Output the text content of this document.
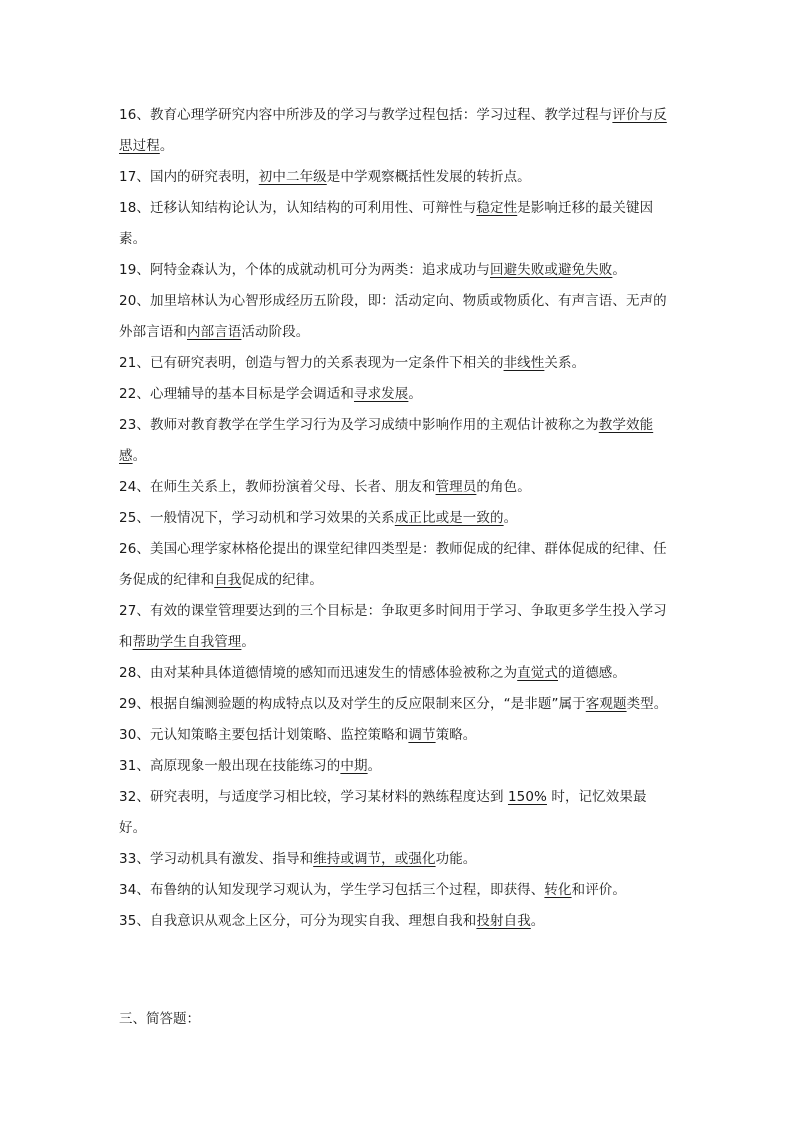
16、教育心理学研究内容中所涉及的学习与教学过程包括：学习过程、教学过程与评价与反思过程。

17、国内的研究表明，初中二年级是中学观察概括性发展的转折点。

18、迁移认知结构论认为，认知结构的可利用性、可辩性与稳定性是影响迁移的最关键因素。

19、阿特金森认为，个体的成就动机可分为两类：追求成功与回避失败或避免失败。

20、加里培林认为心智形成经历五阶段，即：活动定向、物质或物质化、有声言语、无声的外部言语和内部言语活动阶段。

21、已有研究表明，创造与智力的关系表现为一定条件下相关的非线性关系。

22、心理辅导的基本目标是学会调适和寻求发展。

23、教师对教育教学在学生学习行为及学习成绩中影响作用的主观估计被称之为教学效能感。

24、在师生关系上，教师扮演着父母、长者、朋友和管理员的角色。

25、一般情况下，学习动机和学习效果的关系成正比或是一致的。

26、美国心理学家林格伦提出的课堂纪律四类型是：教师促成的纪律、群体促成的纪律、任务促成的纪律和自我促成的纪律。

27、有效的课堂管理要达到的三个目标是：争取更多时间用于学习、争取更多学生投入学习和帮助学生自我管理。

28、由对某种具体道德情境的感知而迅速发生的情感体验被称之为直觉式的道德感。

29、根据自编测验题的构成特点以及对学生的反应限制来区分，“是非题”属于客观题类型。

30、元认知策略主要包括计划策略、监控策略和调节策略。

31、高原现象一般出现在技能练习的中期。

32、研究表明，与适度学习相比较，学习某材料的熟练程度达到 150% 时，记忆效果最好。

33、学习动机具有激发、指导和维持或调节，或强化功能。

34、布鲁纳的认知发现学习观认为，学生学习包括三个过程，即获得、转化和评价。

35、自我意识从观念上区分，可分为现实自我、理想自我和投射自我。

三、简答题：
